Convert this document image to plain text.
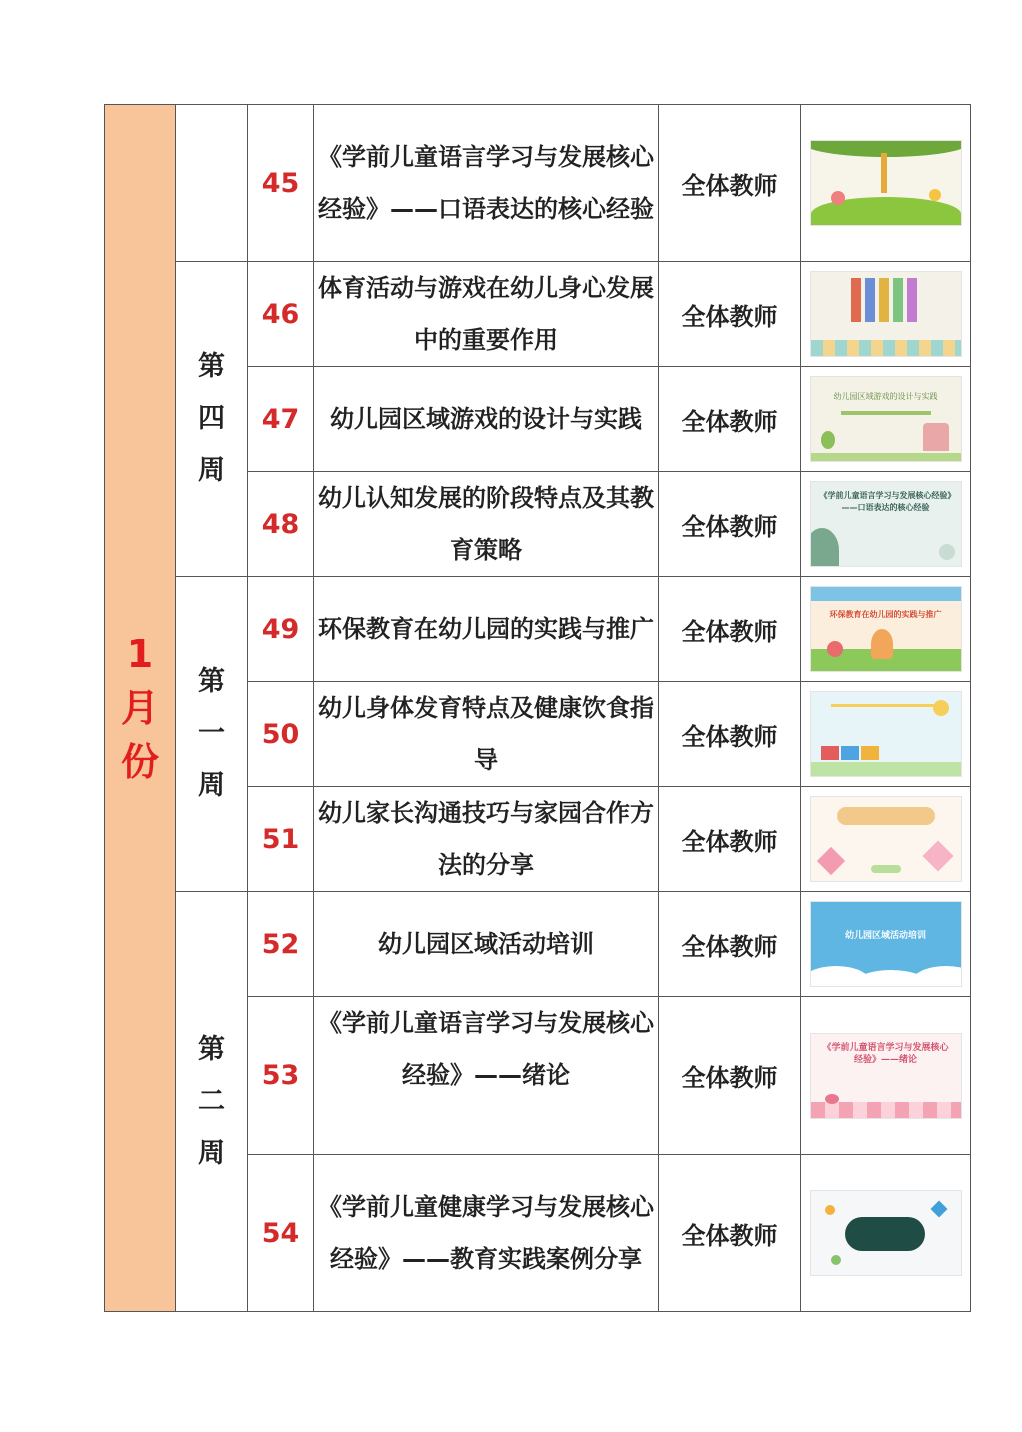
1月份		45	《学前儿童语言学习与发展核心经验》——口语表达的核心经验	全体教师	

	第四周	46	体育活动与游戏在幼儿身心发展中的重要作用	全体教师	

		47	幼儿园区域游戏的设计与实践	全体教师	幼儿园区域游戏的设计与实践

		48	幼儿认知发展的阶段特点及其教育策略	全体教师	《学前儿童语言学习与发展核心经验》——口语表达的核心经验

	第一周	49	环保教育在幼儿园的实践与推广	全体教师	环保教育在幼儿园的实践与推广

		50	幼儿身体发育特点及健康饮食指导	全体教师	

		51	幼儿家长沟通技巧与家园合作方法的分享	全体教师	

	第二周	52	幼儿园区域活动培训	全体教师	幼儿园区域活动培训

		53	《学前儿童语言学习与发展核心经验》——绪论	全体教师	《学前儿童语言学习与发展核心经验》——绪论

		54	《学前儿童健康学习与发展核心经验》——教育实践案例分享	全体教师	
